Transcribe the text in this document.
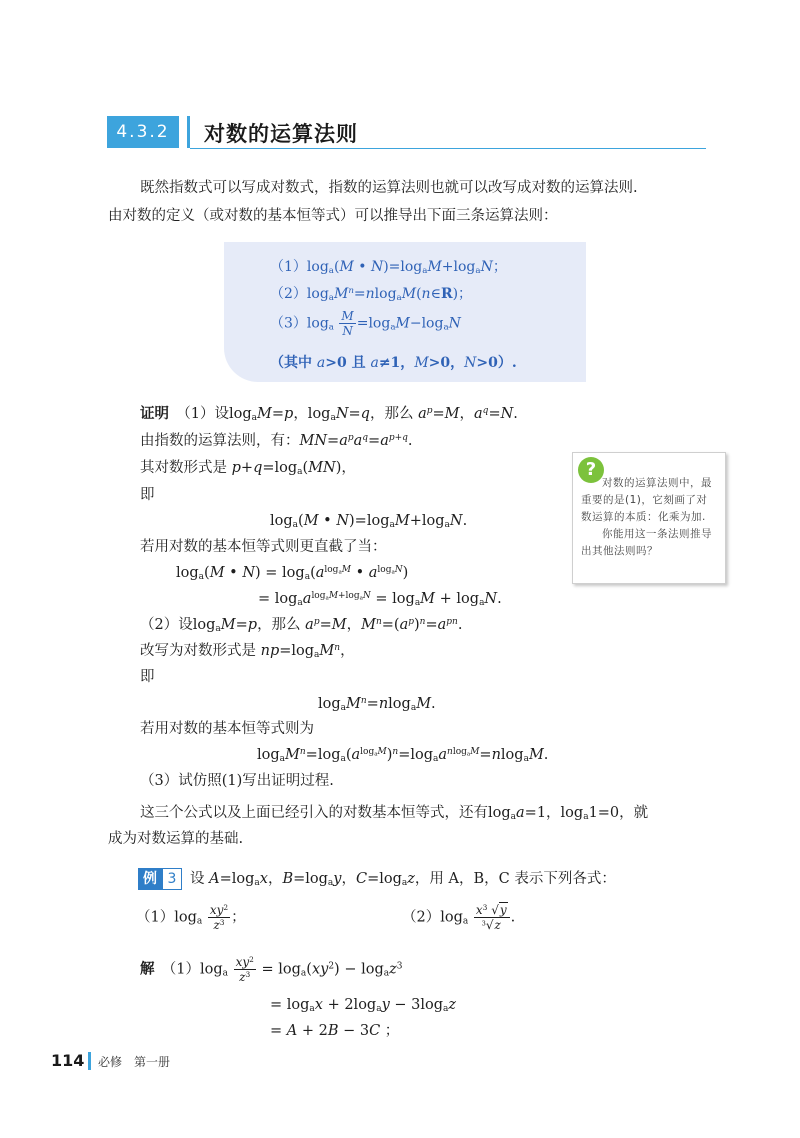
4.3.2	对数的运算法则
既然指数式可以写成对数式，指数的运算法则也就可以改写成对数的运算法则.
由对数的定义（或对数的基本恒等式）可以推导出下面三条运算法则：
$(1)\log_a(M$ • $N)=\log_aM+\log_aN$；
$(2)\log_aM^n=nlog_aM(n\in R)$；
$(3)\log_a \frac{M}{N} =\log_aM-\log_aN$
（其中 a>0 且 a≠1，M>0，N>0）.
证明　 （1）设$\log_aM=p$，$\log_aN=q$，那么 $a^p=M$，$a^q=N$.
由指数的运算法则，有：$MN=a^pa^q=a^{p+q}$.
其对数形式是 $p+q=\log_a(MN)$，
即
$\log_a(M$ • $N)=\log_aM+\log_aN$.
若用对数的基本恒等式则更直截了当：
$\log_a(M$ • $N) = \log_a(a^{log_aM}$ • $a^{log_aN}$)
= $\log_aa^{log_aM+log_aN} = \log_aM + \log_aN$.
（2）设$\log_aM=p$，那么 $a^p=M$，$M^n=(a^p)^n=a^{pn}$.
改写为对数形式是 $np=\log_aM^n$，
即
$\log_aM^n=nlog_aM$.
若用对数的基本恒等式则为
$\log_aM^n=\log_a(a^{log_aM})^n=\log_aa^{nlog_aM}=nlog_aM$.
（3）试仿照(1)写出证明过程.
这三个公式以及上面已经引入的对数基本恒等式，还有$\log_aa=1$，$\log_a1=0$，就
成为对数运算的基础.

对数的运算法则中，最重要的是(1)，它刻画了对数运算的本质：化乘为加.

你能用这一条法则推导出其他法则吗？

?
例 3 设 $A=\log_ax$，$B=\log_ay$，$C=\log_az$，用 A，B，C 表示下列各式：
$(1)\log_a \frac{xy^2}{z^3}$ ；	$(2)\log_a \frac{x^3 √y}{^3√z}$ .
解　 $(1)\log_a \frac{xy^2}{z^3} = \log_a(xy^2) - \log_az^3$
= $\log_ax + 2\log_ay - 3\log_az$
= A + 2B − 3C ；
114 必修　第一册
